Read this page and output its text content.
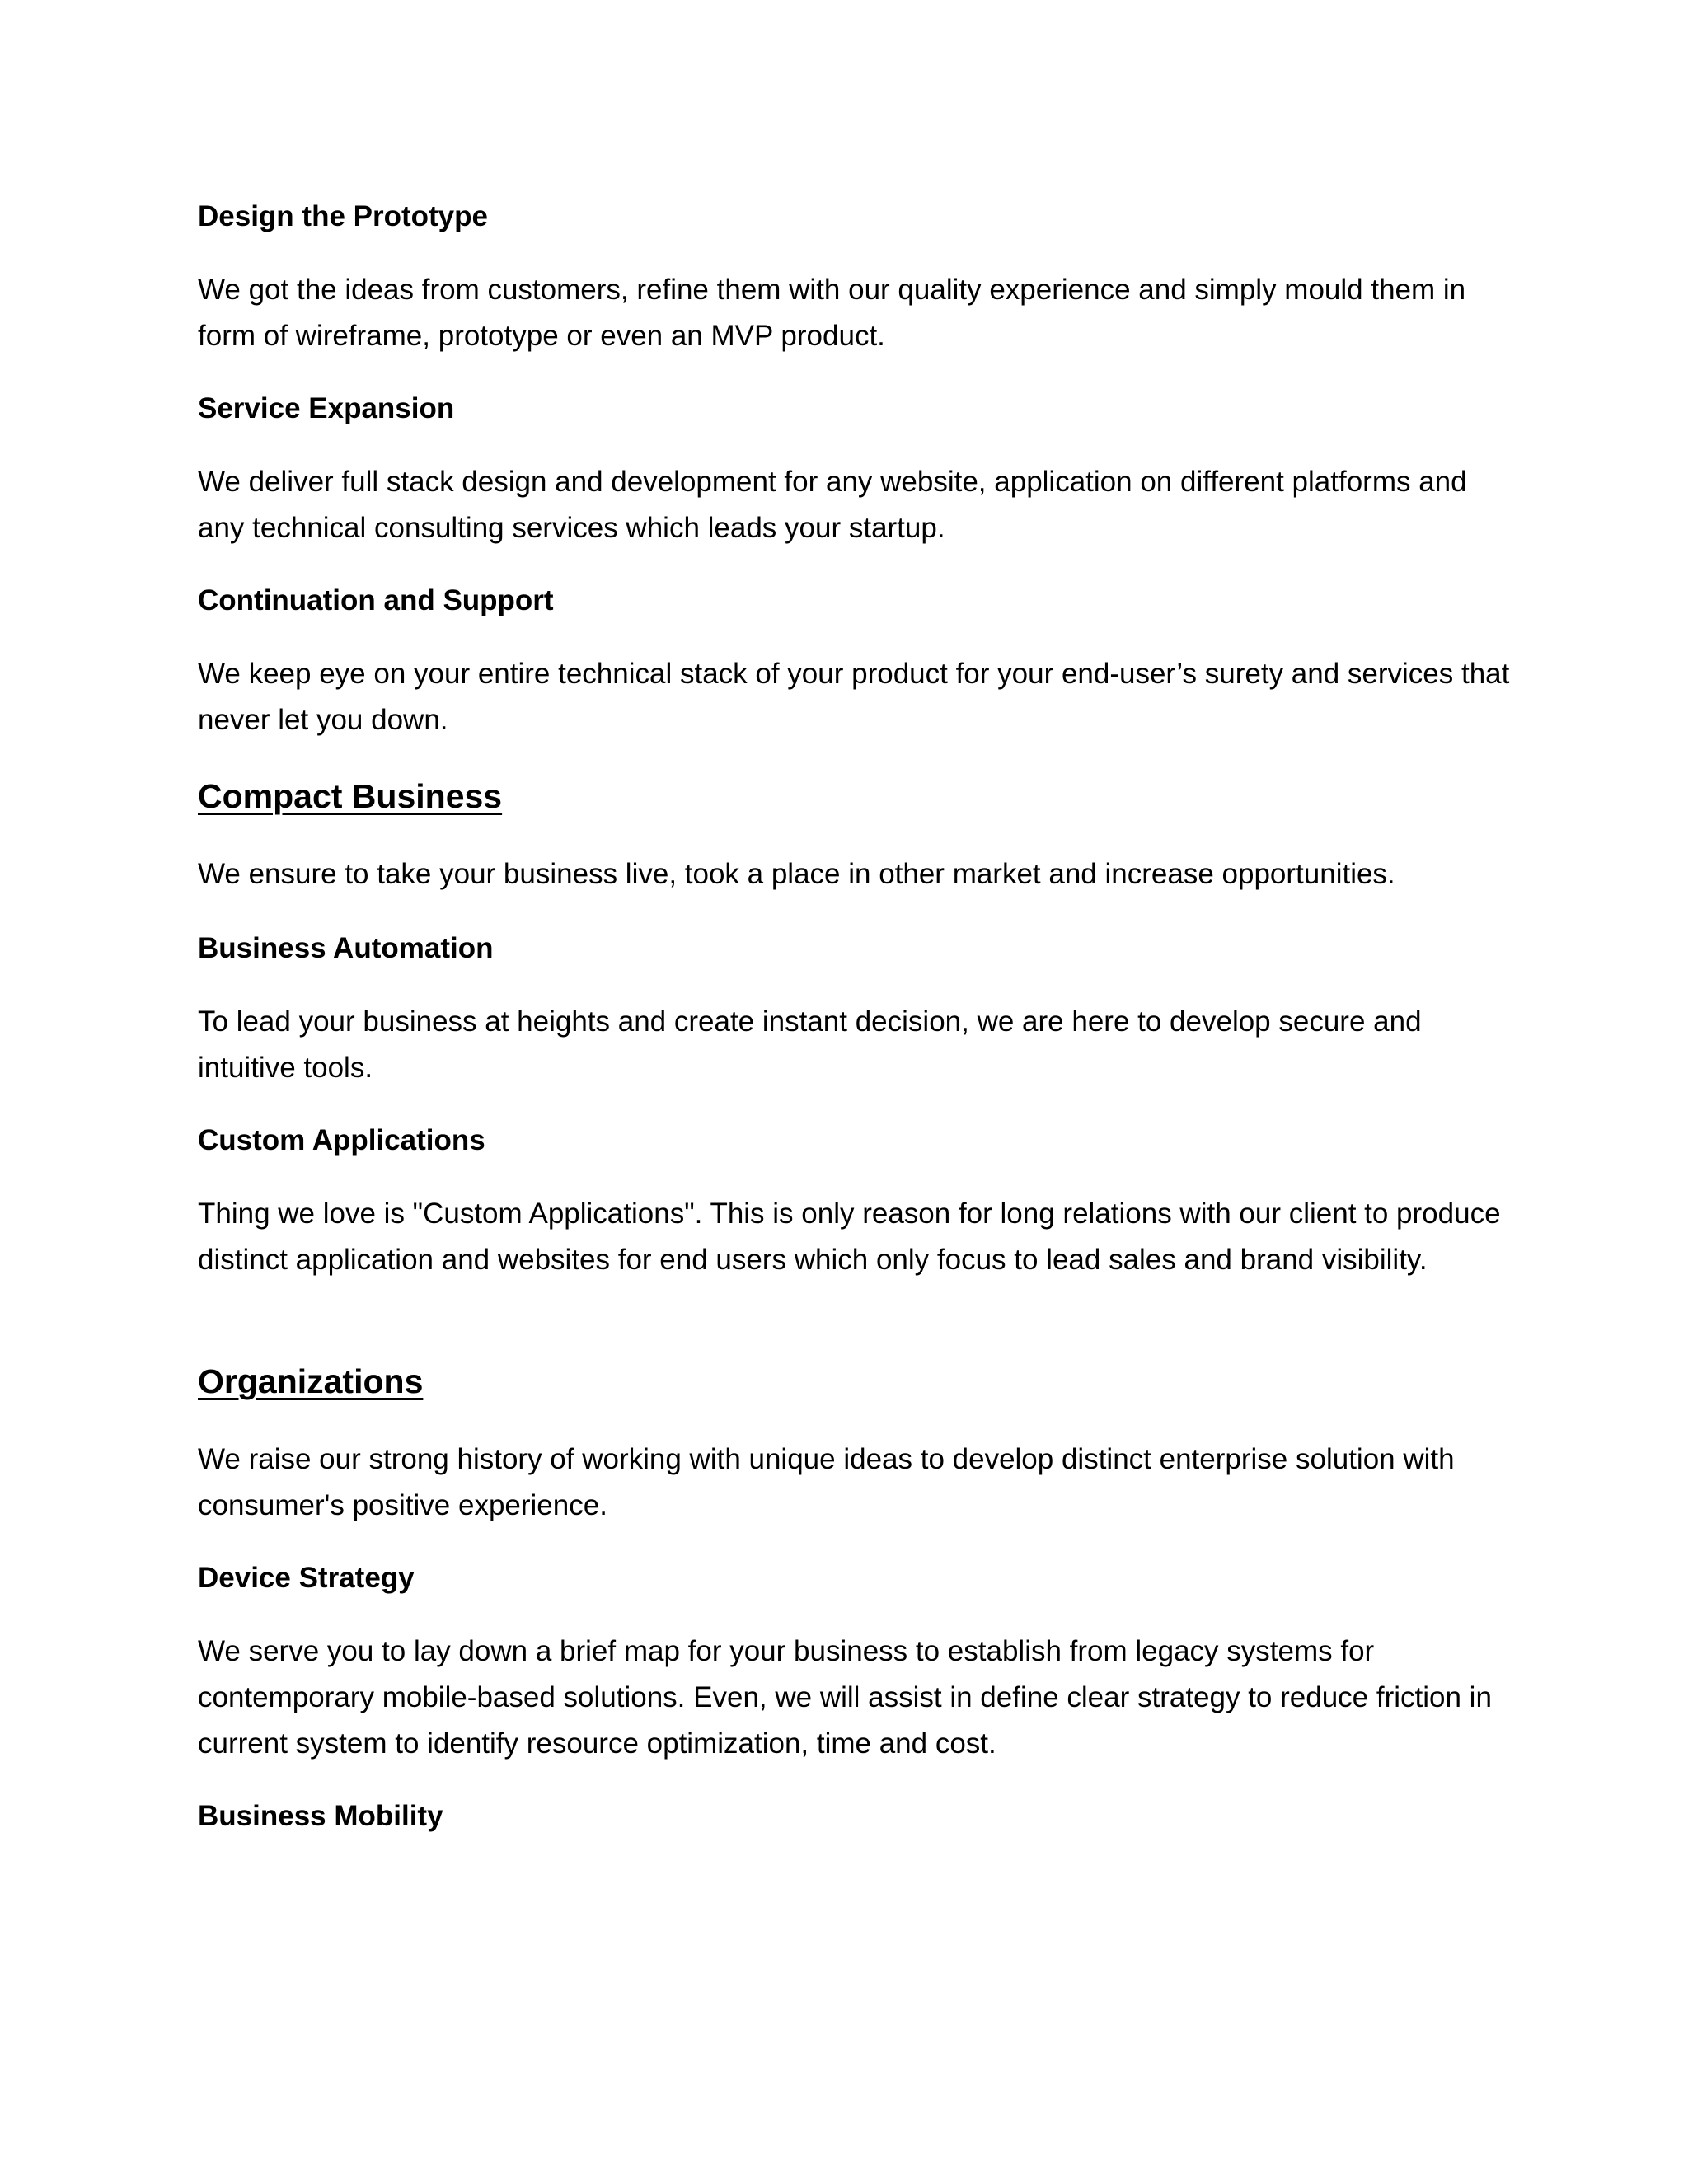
Design the Prototype

We got the ideas from customers, refine them with our quality experience and simply mould them in form of wireframe, prototype or even an MVP product.

Service Expansion

We deliver full stack design and development for any website, application on different platforms and any technical consulting services which leads your startup.

Continuation and Support

We keep eye on your entire technical stack of your product for your end-user’s surety and services that never let you down.

Compact Business

We ensure to take your business live, took a place in other market and increase opportunities.

Business Automation

To lead your business at heights and create instant decision, we are here to develop secure and intuitive tools.

Custom Applications

Thing we love is "Custom Applications". This is only reason for long relations with our client to produce distinct application and websites for end users which only focus to lead sales and brand visibility.

Organizations

We raise our strong history of working with unique ideas to develop distinct enterprise solution with consumer's positive experience.

Device Strategy

We serve you to lay down a brief map for your business to establish from legacy systems for contemporary mobile-based solutions. Even, we will assist in define clear strategy to reduce friction in current system to identify resource optimization, time and cost.

Business Mobility
